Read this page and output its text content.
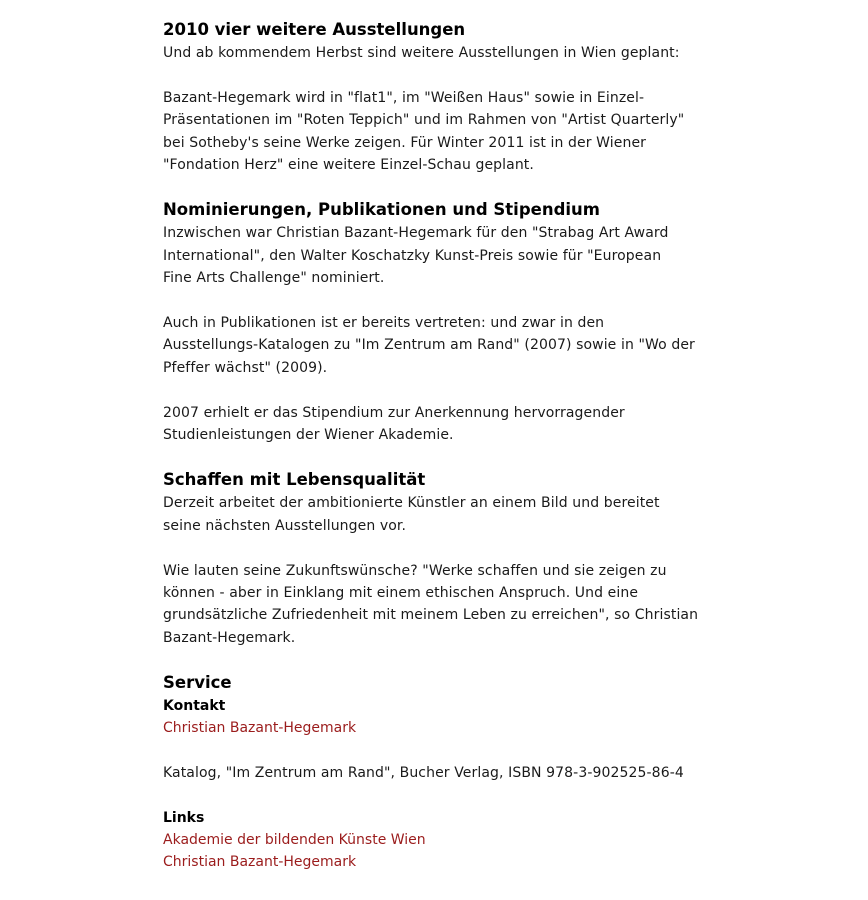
2010 vier weitere Ausstellungen

Und ab kommendem Herbst sind weitere Ausstellungen in Wien geplant:

Bazant-Hegemark wird in "flat1", im "Weißen Haus" sowie in Einzel-
Präsentationen im "Roten Teppich" und im Rahmen von "Artist Quarterly"
bei Sotheby's seine Werke zeigen. Für Winter 2011 ist in der Wiener
"Fondation Herz" eine weitere Einzel-Schau geplant.

Nominierungen, Publikationen und Stipendium

Inzwischen war Christian Bazant-Hegemark für den "Strabag Art Award
International", den Walter Koschatzky Kunst-Preis sowie für "European
Fine Arts Challenge" nominiert.

Auch in Publikationen ist er bereits vertreten: und zwar in den
Ausstellungs-Katalogen zu "Im Zentrum am Rand" (2007) sowie in "Wo der
Pfeffer wächst" (2009).

2007 erhielt er das Stipendium zur Anerkennung hervorragender
Studienleistungen der Wiener Akademie.

Schaffen mit Lebensqualität

Derzeit arbeitet der ambitionierte Künstler an einem Bild und bereitet
seine nächsten Ausstellungen vor.

Wie lauten seine Zukunftswünsche? "Werke schaffen und sie zeigen zu
können - aber in Einklang mit einem ethischen Anspruch. Und eine
grundsätzliche Zufriedenheit mit meinem Leben zu erreichen", so Christian
Bazant-Hegemark.

Service
Kontakt
Christian Bazant-Hegemark

Katalog, "Im Zentrum am Rand", Bucher Verlag, ISBN 978-3-902525-86-4

Links
Akademie der bildenden Künste Wien
Christian Bazant-Hegemark
